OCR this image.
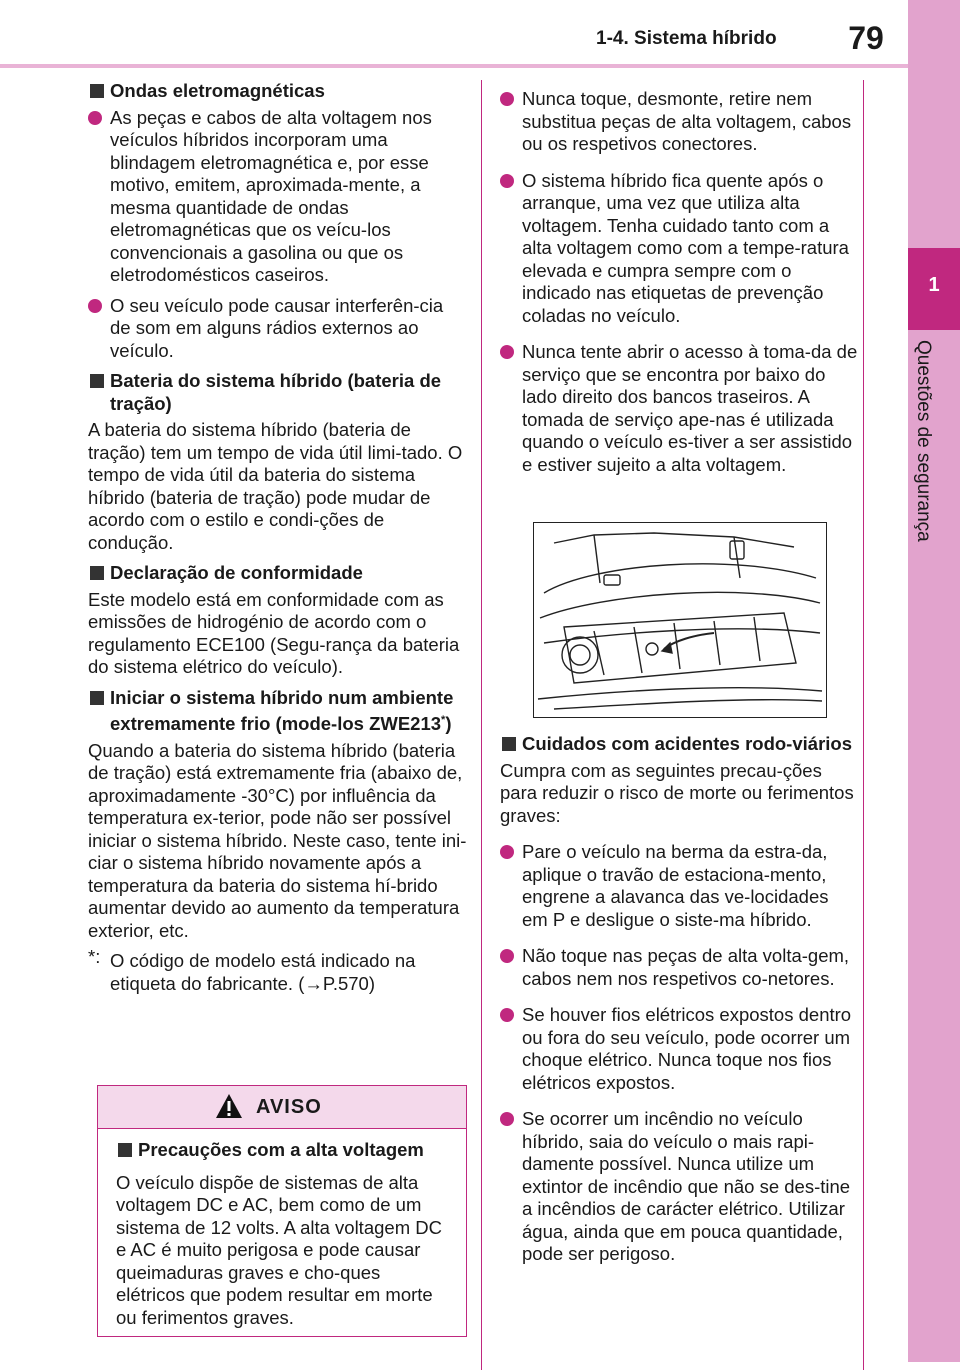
1-4. Sistema híbrido	79
1
Questões de segurança
Ondas eletromagnéticas
As peças e cabos de alta voltagem nos veículos híbridos incorporam uma blindagem eletromagnética e, por esse motivo, emitem, aproximada-mente, a mesma quantidade de ondas eletromagnéticas que os veícu-los convencionais a gasolina ou que os eletrodomésticos caseiros.
O seu veículo pode causar interferên-cia de som em alguns rádios externos ao veículo.
Bateria do sistema híbrido (bateria de tração)
A bateria do sistema híbrido (bateria de tração) tem um tempo de vida útil limi-tado. O tempo de vida útil da bateria do sistema híbrido (bateria de tração) pode mudar de acordo com o estilo e condi-ções de condução.
Declaração de conformidade
Este modelo está em conformidade com as emissões de hidrogénio de acordo com o regulamento ECE100 (Segu-rança da bateria do sistema elétrico do veículo).
Iniciar o sistema híbrido num ambiente extremamente frio (mode-los ZWE213*)
Quando a bateria do sistema híbrido (bateria de tração) está extremamente fria (abaixo de, aproximadamente -30°C) por influência da temperatura ex-terior, pode não ser possível iniciar o sistema híbrido. Neste caso, tente ini-ciar o sistema híbrido novamente após a temperatura da bateria do sistema hí-brido aumentar devido ao aumento da temperatura exterior, etc.
*: O código de modelo está indicado na etiqueta do fabricante. (→P.570)
AVISO
Precauções com a alta voltagem
O veículo dispõe de sistemas de alta voltagem DC e AC, bem como de um sistema de 12 volts. A alta voltagem DC e AC é muito perigosa e pode causar queimaduras graves e cho-ques elétricos que podem resultar em morte ou ferimentos graves.
Nunca toque, desmonte, retire nem substitua peças de alta voltagem, cabos ou os respetivos conectores.
O sistema híbrido fica quente após o arranque, uma vez que utiliza alta voltagem. Tenha cuidado tanto com a alta voltagem como com a tempe-ratura elevada e cumpra sempre com o indicado nas etiquetas de prevenção coladas no veículo.
Nunca tente abrir o acesso à toma-da de serviço que se encontra por baixo do lado direito dos bancos traseiros. A tomada de serviço ape-nas é utilizada quando o veículo es-tiver a ser assistido e estiver sujeito a alta voltagem.
Cuidados com acidentes rodo-viários
Cumpra com as seguintes precau-ções para reduzir o risco de morte ou ferimentos graves:
Pare o veículo na berma da estra-da, aplique o travão de estaciona-mento, engrene a alavanca das ve-locidades em P e desligue o siste-ma híbrido.
Não toque nas peças de alta volta-gem, cabos nem nos respetivos co-netores.
Se houver fios elétricos expostos dentro ou fora do seu veículo, pode ocorrer um choque elétrico. Nunca toque nos fios elétricos expostos.
Se ocorrer um incêndio no veículo híbrido, saia do veículo o mais rapi-damente possível. Nunca utilize um extintor de incêndio que não se des-tine a incêndios de carácter elétrico. Utilizar água, ainda que em pouca quantidade, pode ser perigoso.
